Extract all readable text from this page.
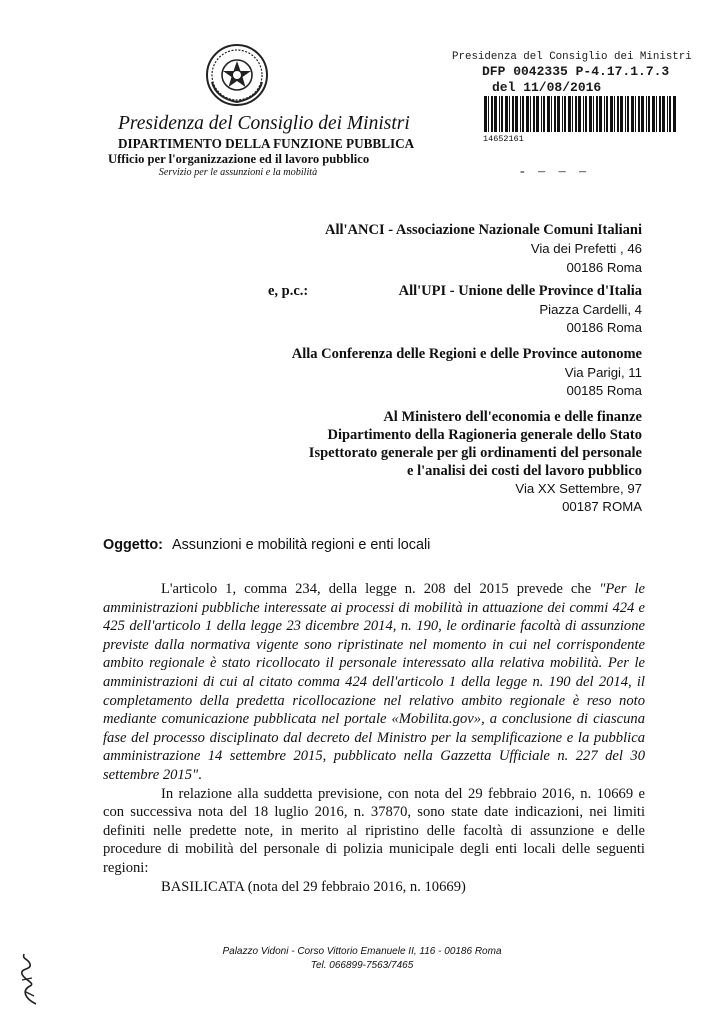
Presidenza del Consiglio dei Ministri
DIPARTIMENTO DELLA FUNZIONE PUBBLICA
Ufficio per l'organizzazione ed il lavoro pubblico
Servizio per le assunzioni e la mobilità
Presidenza del Consiglio dei Ministri
DFP 0042335 P-4.17.1.7.3
del 11/08/2016
14652161
- – – –
All'ANCI - Associazione Nazionale Comuni Italiani
Via dei Prefetti , 46
00186 Roma
e, p.c.:	All'UPI - Unione delle Province d'Italia
Piazza Cardelli, 4
00186 Roma
Alla Conferenza delle Regioni e delle Province autonome
Via Parigi, 11
00185 Roma
Al Ministero dell'economia e delle finanze
Dipartimento della Ragioneria generale dello Stato
Ispettorato generale per gli ordinamenti del personale
e l'analisi dei costi del lavoro pubblico
Via XX Settembre, 97
00187 ROMA
Oggetto: Assunzioni e mobilità regioni e enti locali

L'articolo 1, comma 234, della legge n. 208 del 2015 prevede che "Per le amministrazioni pubbliche interessate ai processi di mobilità in attuazione dei commi 424 e 425 dell'articolo 1 della legge 23 dicembre 2014, n. 190, le ordinarie facoltà di assunzione previste dalla normativa vigente sono ripristinate nel momento in cui nel corrispondente ambito regionale è stato ricollocato il personale interessato alla relativa mobilità. Per le amministrazioni di cui al citato comma 424 dell'articolo 1 della legge n. 190 del 2014, il completamento della predetta ricollocazione nel relativo ambito regionale è reso noto mediante comunicazione pubblicata nel portale «Mobilita.gov», a conclusione di ciascuna fase del processo disciplinato dal decreto del Ministro per la semplificazione e la pubblica amministrazione 14 settembre 2015, pubblicato nella Gazzetta Ufficiale n. 227 del 30 settembre 2015".

In relazione alla suddetta previsione, con nota del 29 febbraio 2016, n. 10669 e con successiva nota del 18 luglio 2016, n. 37870, sono state date indicazioni, nei limiti definiti nelle predette note, in merito al ripristino delle facoltà di assunzione e delle procedure di mobilità del personale di polizia municipale degli enti locali delle seguenti regioni:

BASILICATA (nota del 29 febbraio 2016, n. 10669)
Palazzo Vidoni - Corso Vittorio Emanuele II, 116 - 00186 Roma
Tel. 066899-7563/7465
